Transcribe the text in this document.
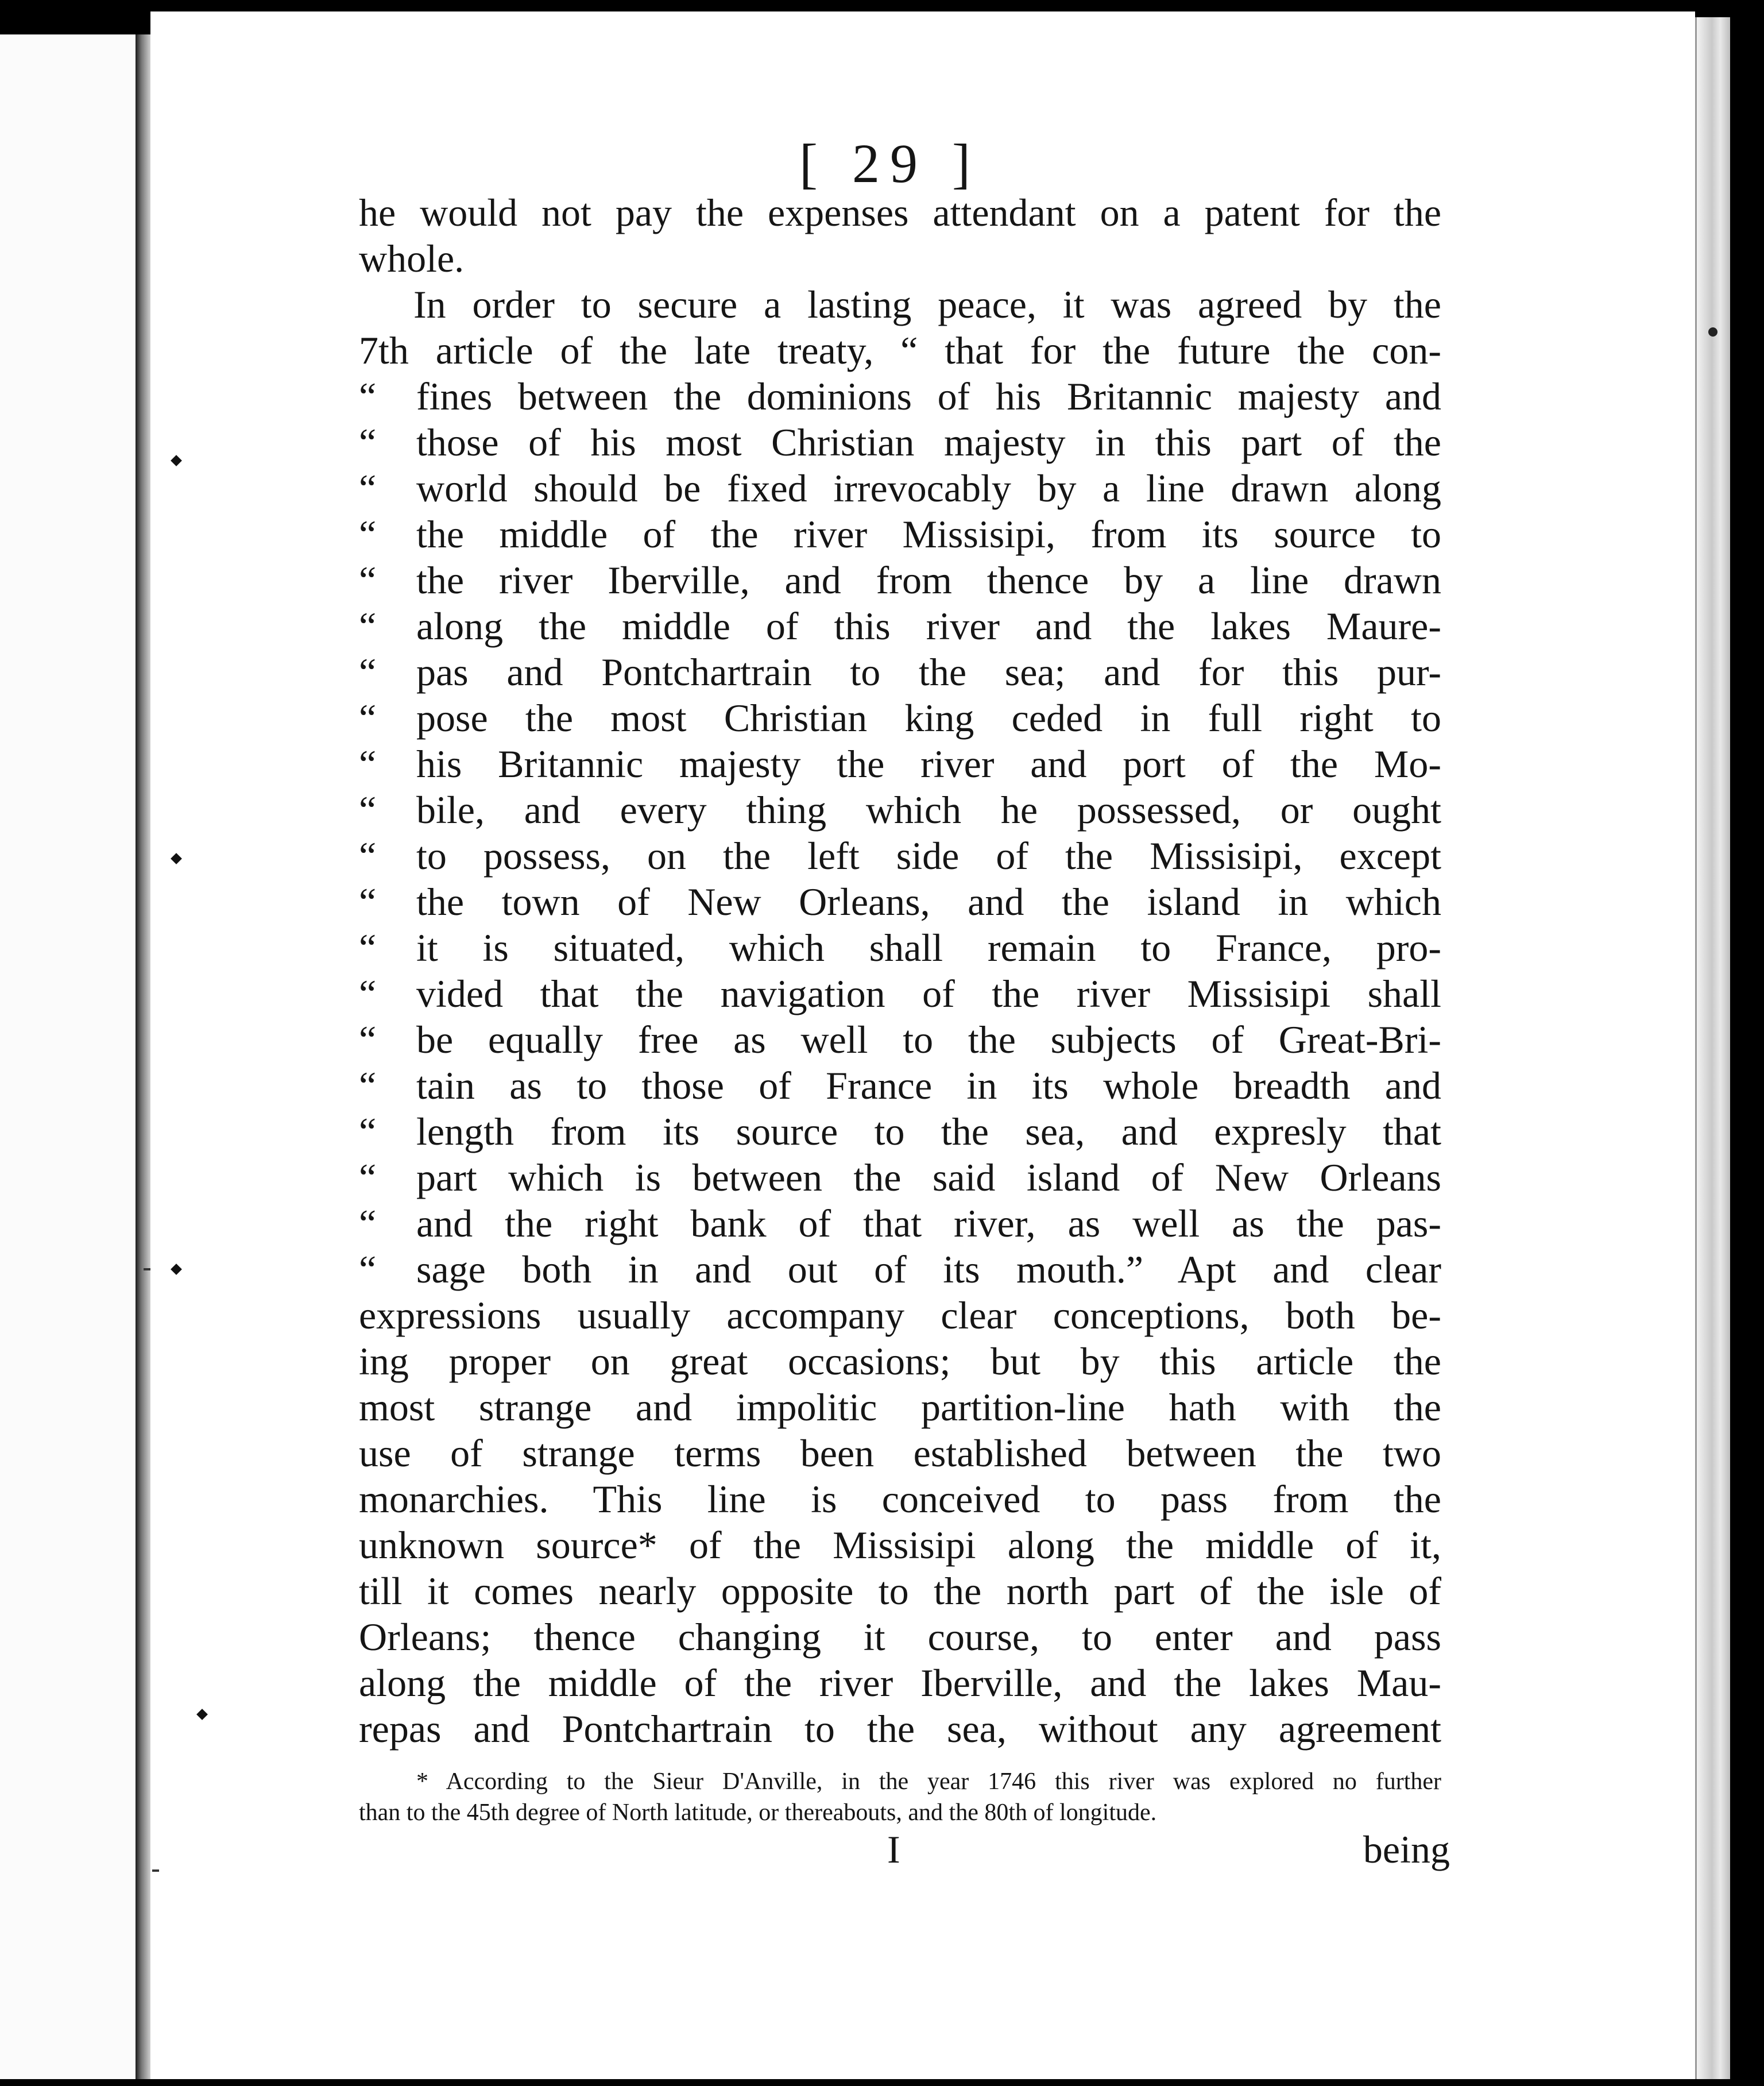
[ 29 ]
he would not pay the expenses attendant on a patent for the
whole.
In order to secure a lasting peace, it was agreed by the
7th article of the late treaty, “ that for the future the con-
“ fines between the dominions of his Britannic majesty and
“ those of his most Christian majesty in this part of the
“ world should be fixed irrevocably by a line drawn along
“ the middle of the river Missisipi, from its source to
“ the river Iberville, and from thence by a line drawn
“ along the middle of this river and the lakes Maure-
“ pas and Pontchartrain to the sea; and for this pur-
“ pose the most Christian king ceded in full right to
“ his Britannic majesty the river and port of the Mo-
“ bile, and every thing which he possessed, or ought
“ to possess, on the left side of the Missisipi, except
“ the town of New Orleans, and the island in which
“ it is situated, which shall remain to France, pro-
“ vided that the navigation of the river Missisipi shall
“ be equally free as well to the subjects of Great-Bri-
“ tain as to those of France in its whole breadth and
“ length from its source to the sea, and expresly that
“ part which is between the said island of New Orleans
“ and the right bank of that river, as well as the pas-
“ sage both in and out of its mouth.” Apt and clear
expressions usually accompany clear conceptions, both be-
ing proper on great occasions; but by this article the
most strange and impolitic partition-line hath with the
use of strange terms been established between the two
monarchies. This line is conceived to pass from the
unknown source* of the Missisipi along the middle of it,
till it comes nearly opposite to the north part of the isle of
Orleans; thence changing it course, to enter and pass
along the middle of the river Iberville, and the lakes Mau-
repas and Pontchartrain to the sea, without any agreement
* According to the Sieur D'Anville, in the year 1746 this river was explored no further
than to the 45th degree of North latitude, or thereabouts, and the 80th of longitude.
I	being
